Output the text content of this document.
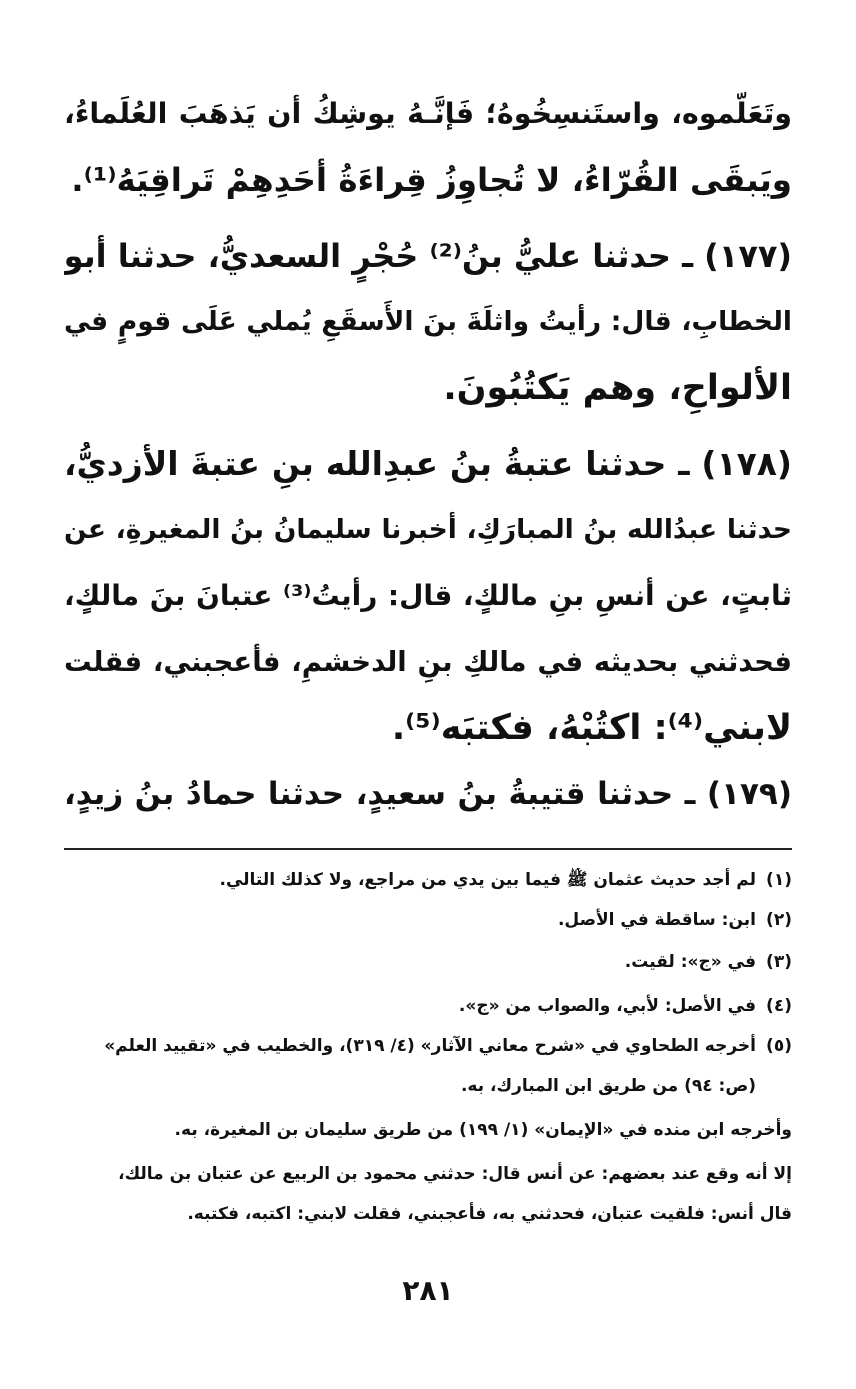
وتَعَلَّموه، واستَنسِخُوهُ؛ فَإنَّـهُ يوشِكُ أن يَذهَبَ العُلَماءُ،
ويَبقَى القُرّاءُ، لا تُجاوِزُ قِراءَةُ أَحَدِهِمْ تَراقِيَهُ⁽¹⁾.
(١٧٧) ـ حدثنا عليُّ بنُ⁽²⁾ حُجْرٍ السعديُّ، حدثنا أبو
الخطابِ، قال: رأيتُ واثلَةَ بنَ الأَسقَعِ يُملي عَلَى قومٍ في
الألواحِ، وهم يَكتُبُونَ.
(١٧٨) ـ حدثنا عتبةُ بنُ عبدِالله بنِ عتبةَ الأزديُّ،
حدثنا عبدُالله بنُ المبارَكِ، أخبرنا سليمانُ بنُ المغيرةِ، عن
ثابتٍ، عن أنسِ بنِ مالكٍ، قال: رأيتُ⁽³⁾ عتبانَ بنَ مالكٍ،
فحدثني بحديثه في مالكِ بنِ الدخشمِ، فأعجبني، فقلت
لابني⁽⁴⁾: اكتُبْهُ، فكتبَه⁽⁵⁾.
(١٧٩) ـ حدثنا قتيبةُ بنُ سعيدٍ، حدثنا حمادُ بنُ زيدٍ،
(١)لم أجد حديث عثمان ﷺ فيما بين يدي من مراجع، ولا كذلك التالي.
(٢)ابن: ساقطة في الأصل.
(٣)في «ج»: لقيت.
(٤)في الأصل: لأبي، والصواب من «ج».
(٥)أخرجه الطحاوي في «شرح معاني الآثار» (٤/ ٣١٩)، والخطيب في «تقييد العلم»
(ص: ٩٤) من طريق ابن المبارك، به.
وأخرجه ابن منده في «الإيمان» (١/ ١٩٩) من طريق سليمان بن المغيرة، به.
إلا أنه وقع عند بعضهم: عن أنس قال: حدثني محمود بن الربيع عن عتبان بن مالك،
قال أنس: فلقيت عتبان، فحدثني به، فأعجبني، فقلت لابني: اكتبه، فكتبه.
٢٨١
